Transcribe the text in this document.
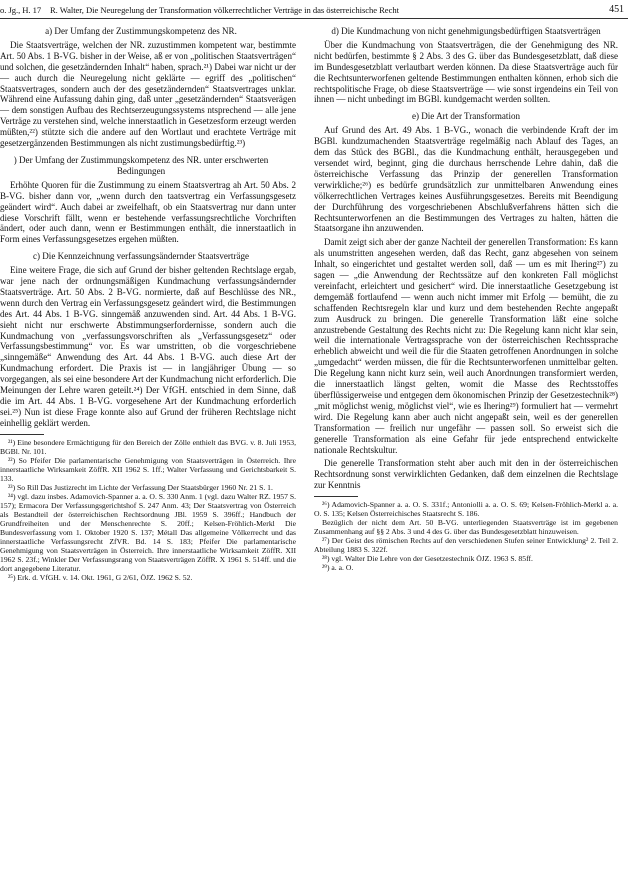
o. Jg., H. 17 R. Walter, Die Neuregelung der Transformation völkerrechtlicher Verträge in das österreichische Recht	451
a) Der Umfang der Zustimmungskompetenz des NR.

Die Staatsverträge, welchen der NR. zuzustimmen kompetent war, bestimmte Art. 50 Abs. 1 B-VG. bisher in der Weise, aß er von „politischen Staatsverträgen“ und solchen, die gesetzändernden Inhalt“ haben, sprach.²¹) Dabei war nicht ur der — auch durch die Neuregelung nicht geklärte — egriff des „politischen“ Staatsvertrages, sondern auch der des gesetzändernden“ Staatsvertrages unklar. Während eine Aufassung dahin ging, daß unter „gesetzändernden“ Staatsverägen — dem sonstigen Aufbau des Rechtserzeugungssystems ntsprechend — alle jene Verträge zu verstehen sind, welche innerstaatlich in Gesetzesform erzeugt werden müßten,²²) stützte sich die andere auf den Wortlaut und erachtete Verträge mit gesetzergänzenden Bestimmungen als nicht zustimungsbedürftig.²³)

) Der Umfang der Zustimmungskompetenz des NR. unter erschwerten Bedingungen

Erhöhte Quoren für die Zustimmung zu einem Staatsvertrag ah Art. 50 Abs. 2 B-VG. bisher dann vor, „wenn durch den taatsvertrag ein Verfassungsgesetz geändert wird“. Auch dabei ar zweifelhaft, ob ein Staatsvertrag nur dann unter diese Vorschrift fällt, wenn er bestehende verfassungsrechtliche Vorchriften ändert, oder auch dann, wenn er Bestimmungen enthält, die innerstaatlich in Form eines Verfassungsgesetzes ergehen müßten.

c) Die Kennzeichnung verfassungsändernder Staatsverträge

Eine weitere Frage, die sich auf Grund der bisher geltenden Rechtslage ergab, war jene nach der ordnungsmäßigen Kundmachung verfassungsändernder Staatsverträge. Art. 50 Abs. 2 B-VG. normierte, daß auf Beschlüsse des NR., wenn durch den Vertrag ein Verfassungsgesetz geändert wird, die Bestimmungen des Art. 44 Abs. 1 B-VG. sinngemäß anzuwenden sind. Art. 44 Abs. 1 B-VG. sieht nicht nur erschwerte Abstimmungserfordernisse, sondern auch die Kundmachung von „verfassungsvorschriften als „Verfassungsgesetz“ oder Verfassungsbestimmung“ vor. Es war umstritten, ob die vorgeschriebene „sinngemäße“ Anwendung des Art. 44 Abs. 1 B-VG. auch diese Art der Kundmachung erfordert. Die Praxis ist — in langjähriger Übung — so vorgegangen, als sei eine besondere Art der Kundmachung nicht erforderlich. Die Meinungen der Lehre waren geteilt.²⁴) Der VfGH. entschied in dem Sinne, daß die im Art. 44 Abs. 1 B-VG. vorgesehene Art der Kundmachung erforderlich sei.²⁵) Nun ist diese Frage konnte also auf Grund der früheren Rechtslage nicht einhellig geklärt werden.

²¹) Eine besondere Ermächtigung für den Bereich der Zölle enthielt das BVG. v. 8. Juli 1953, BGBl. Nr. 101.

²²) So Pfeifer Die parlamentarische Genehmigung von Staatsverträgen in Österreich. Ihre innerstaatliche Wirksamkeit ZöffR. XII 1962 S. 1ff.; Walter Verfassung und Gerichtsbarkeit S. 133.

²³) So Rill Das Justizrecht im Lichte der Verfassung Der Staatsbürger 1960 Nr. 21 S. 1.

²⁴) vgl. dazu insbes. Adamovich-Spanner a. a. O. S. 330 Anm. 1 (vgl. dazu Walter RZ. 1957 S. 157); Ermacora Der Verfassungsgerichtshof S. 247 Anm. 43; Der Staatsvertrag von Österreich als Bestandteil der österreichischen Rechtsordnung JBl. 1959 S. 396ff.; Handbuch der Grundfreiheiten und der Menschenrechte S. 20ff.; Kelsen-Fröhlich-Merkl Die Bundesverfassung vom 1. Oktober 1920 S. 137; Métall Das allgemeine Völkerrecht und das innerstaatliche Verfassungsrecht ZfVR. Bd. 14 S. 183; Pfeifer Die parlamentarische Genehmigung von Staatsverträgen in Österreich. Ihre innerstaatliche Wirksamkeit ZöffR. XII 1962 S. 23f.; Winkler Der Verfassungsrang von Staatsverträgen ZöffR. X 1961 S. 514ff. und die dort angegebene Literatur.

²⁵) Erk. d. VfGH. v. 14. Okt. 1961, G 2/61, ÖJZ. 1962 S. 52.

d) Die Kundmachung von nicht genehmigungsbedürftigen Staatsverträgen

Über die Kundmachung von Staatsverträgen, die der Genehmigung des NR. nicht bedürfen, bestimmte § 2 Abs. 3 des G. über das Bundesgesetzblatt, daß diese im Bundesgesetzblatt verlautbart werden können. Da diese Staatsverträge auch für die Rechtsunterworfenen geltende Bestimmungen enthalten können, erhob sich die rechtspolitische Frage, ob diese Staatsverträge — wie sonst irgendeins ein Teil von ihnen — nicht unbedingt im BGBl. kundgemacht werden sollten.

e) Die Art der Transformation

Auf Grund des Art. 49 Abs. 1 B-VG., wonach die verbindende Kraft der im BGBl. kundzumachenden Staatsverträge regelmäßig nach Ablauf des Tages, an dem das Stück des BGBl., das die Kundmachung enthält, herausgegeben und versendet wird, beginnt, ging die durchaus herrschende Lehre dahin, daß die österreichische Verfassung das Prinzip der generellen Transformation verwirkliche;²⁶) es bedürfe grundsätzlich zur unmittelbaren Anwendung eines völkerrechtlichen Vertrages keines Ausführungsgesetzes. Bereits mit Beendigung der Durchführung des vorgeschriebenen Abschlußverfahrens hätten sich die Rechtsunterworfenen an die Bestimmungen des Vertrages zu halten, hätten die Staatsorgane ihn anzuwenden.

Damit zeigt sich aber der ganze Nachteil der generellen Transformation: Es kann als unumstritten angesehen werden, daß das Recht, ganz abgesehen von seinem Inhalt, so eingerichtet und gestaltet werden soll, daß — um es mit Ihering²⁷) zu sagen — „die Anwendung der Rechtssätze auf den konkreten Fall möglichst vereinfacht, erleichtert und gesichert“ wird. Die innerstaatliche Gesetzgebung ist demgemäß fortlaufend — wenn auch nicht immer mit Erfolg — bemüht, die zu schaffenden Rechtsregeln klar und kurz und dem bestehenden Rechte angepaßt zum Ausdruck zu bringen. Die generelle Transformation läßt eine solche anzustrebende Gestaltung des Rechts nicht zu: Die Regelung kann nicht klar sein, weil die internationale Vertragssprache von der österreichischen Rechtssprache erheblich abweicht und weil die für die Staaten getroffenen Anordnungen in solche „umgedacht“ werden müssen, die für die Rechtsunterworfenen unmittelbar gelten. Die Regelung kann nicht kurz sein, weil auch Anordnungen transformiert werden, die innerstaatlich längst gelten, womit die Masse des Rechtsstoffes überflüssigerweise und entgegen dem ökonomischen Prinzip der Gesetzestechnik²⁸) „mit möglichst wenig, möglichst viel“, wie es Ihering²⁹) formuliert hat — vermehrt wird. Die Regelung kann aber auch nicht angepaßt sein, weil es der generellen Transformation — freilich nur ungefähr — passen soll. So erweist sich die generelle Transformation als eine Gefahr für jede entsprechend entwickelte nationale Rechtskultur.

Die generelle Transformation steht aber auch mit den in der österreichischen Rechtsordnung sonst verwirklichten Gedanken, daß dem einzelnen die Rechtslage zur Kenntnis

²⁶) Adamovich-Spanner a. a. O. S. 331f.; Antoniolli a. a. O. S. 69; Kelsen-Fröhlich-Merkl a. a. O. S. 135; Kelsen Österreichisches Staatsrecht S. 186.

Bezüglich der nicht dem Art. 50 B-VG. unterliegenden Staatsverträge ist im gegebenen Zusammenhang auf §§ 2 Abs. 3 und 4 des G. über das Bundesgesetzblatt hinzuweisen.

²⁷) Der Geist des römischen Rechts auf den verschiedenen Stufen seiner Entwicklung² 2. Teil 2. Abteilung 1883 S. 322f.

²⁸) vgl. Walter Die Lehre von der Gesetzestechnik ÖJZ. 1963 S. 85ff.

²⁹) a. a. O.
